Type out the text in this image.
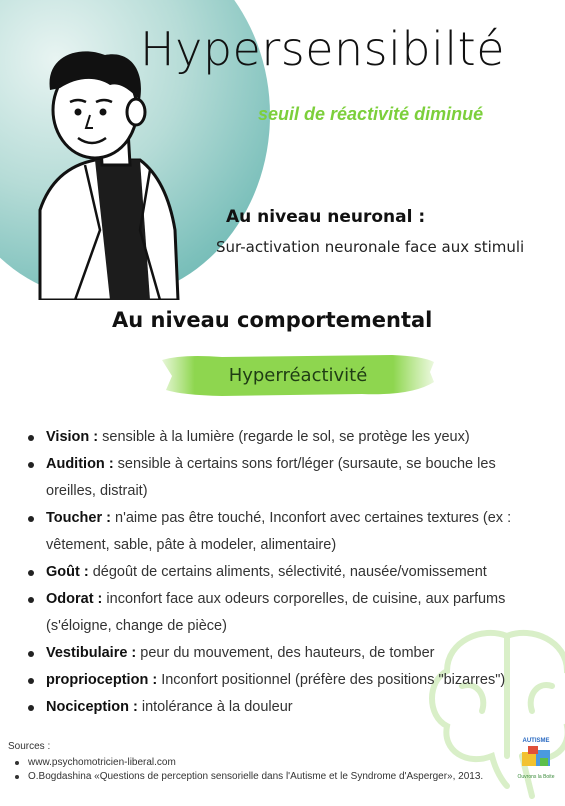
Hypersensibilté
seuil de réactivité diminué
Au niveau neuronal :
Sur-activation neuronale face aux stimuli
Au niveau comportemental
Hyperréactivité
Vision : sensible à la lumière (regarde le sol, se protège les yeux)
Audition : sensible à certains sons fort/léger (sursaute, se bouche les oreilles, distrait)
Toucher : n'aime pas être touché, Inconfort avec certaines textures (ex : vêtement, sable, pâte à modeler, alimentaire)
Goût : dégoût de certains aliments, sélectivité, nausée/vomissement
Odorat : inconfort face aux odeurs corporelles, de cuisine, aux parfums (s'éloigne, change de pièce)
Vestibulaire : peur du mouvement, des hauteurs, de tomber
proprioception : Inconfort positionnel (préfère des positions "bizarres")
Nociception : intolérance à la douleur
Sources :
www.psychomotricien-liberal.com
O.Bogdashina «Questions de perception sensorielle dans l'Autisme et le Syndrome d'Asperger», 2013.
AUTISME
Ouvrons la Boite
